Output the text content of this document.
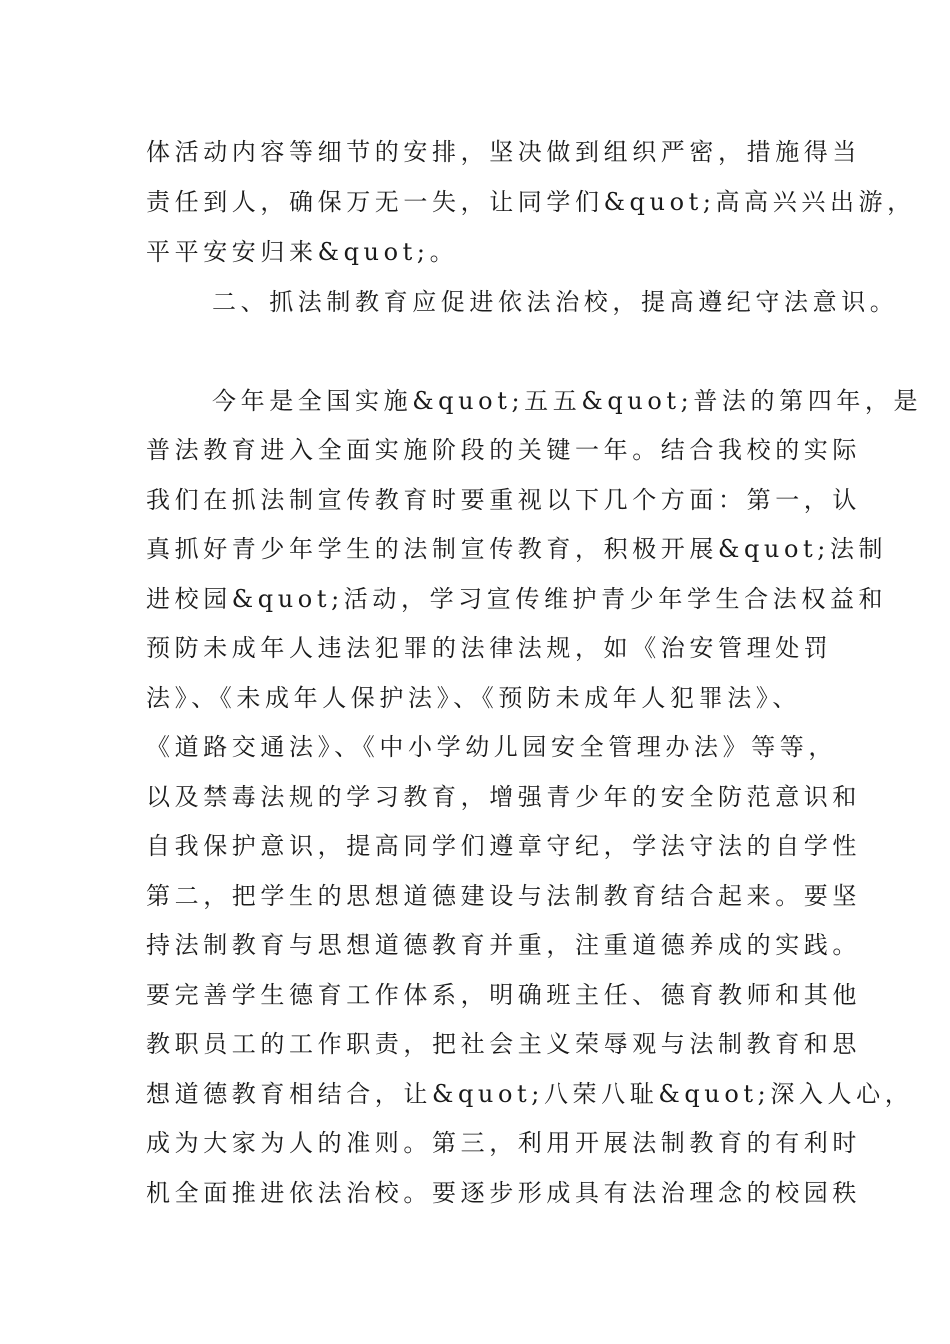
体活动内容等细节的安排，坚决做到组织严密，措施得当
责任到人，确保万无一失，让同学们&quot;高高兴兴出游，
平平安安归来&quot;。
二、抓法制教育应促进依法治校，提高遵纪守法意识。
今年是全国实施&quot;五五&quot;普法的第四年，是
普法教育进入全面实施阶段的关键一年。结合我校的实际
我们在抓法制宣传教育时要重视以下几个方面：第一，认
真抓好青少年学生的法制宣传教育，积极开展&quot;法制
进校园&quot;活动，学习宣传维护青少年学生合法权益和
预防未成年人违法犯罪的法律法规，如《治安管理处罚
法》、《未成年人保护法》、《预防未成年人犯罪法》、
《道路交通法》、《中小学幼儿园安全管理办法》等等，
以及禁毒法规的学习教育，增强青少年的安全防范意识和
自我保护意识，提高同学们遵章守纪，学法守法的自学性
第二，把学生的思想道德建设与法制教育结合起来。要坚
持法制教育与思想道德教育并重，注重道德养成的实践。
要完善学生德育工作体系，明确班主任、德育教师和其他
教职员工的工作职责，把社会主义荣辱观与法制教育和思
想道德教育相结合，让&quot;八荣八耻&quot;深入人心，
成为大家为人的准则。第三，利用开展法制教育的有利时
机全面推进依法治校。要逐步形成具有法治理念的校园秩
